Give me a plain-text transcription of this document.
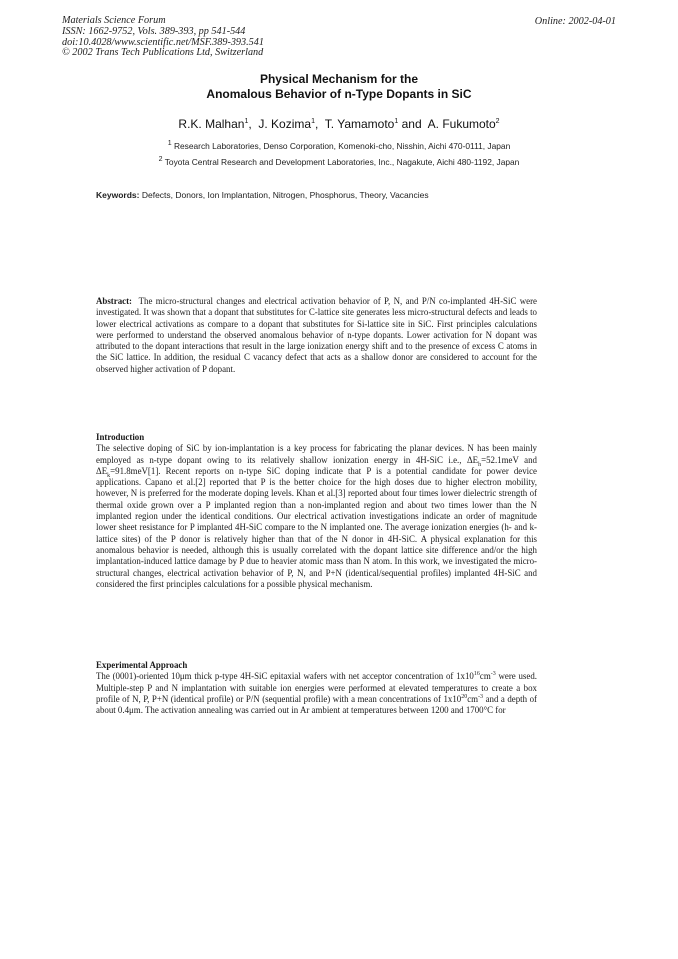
Materials Science Forum
ISSN: 1662-9752, Vols. 389-393, pp 541-544
doi:10.4028/www.scientific.net/MSF.389-393.541
© 2002 Trans Tech Publications Ltd, Switzerland
Online: 2002-04-01
Physical Mechanism for the
Anomalous Behavior of n-Type Dopants in SiC
R.K. Malhan$^1$,  J. Kozima$^1$,  T. Yamamoto$^1$ and  A. Fukumoto$^2$
$^1$ Research Laboratories, Denso Corporation, Komenoki-cho, Nisshin, Aichi 470-0111, Japan
$^2$ Toyota Central Research and Development Laboratories, Inc., Nagakute, Aichi 480-1192, Japan
Keywords: Defects, Donors, Ion Implantation, Nitrogen, Phosphorus, Theory, Vacancies

Abstract: The micro-structural changes and electrical activation behavior of P, N, and P/N co-implanted 4H-SiC were investigated. It was shown that a dopant that substitutes for C-lattice site generates less micro-structural defects and leads to lower electrical activations as compare to a dopant that substitutes for Si-lattice site in SiC. First principles calculations were performed to understand the observed anomalous behavior of n-type dopants. Lower activation for N dopant was attributed to the dopant interactions that result in the large ionization energy shift and to the presence of excess C atoms in the SiC lattice. In addition, the residual C vacancy defect that acts as a shallow donor are considered to account for the observed higher activation of P dopant.

Introduction

The selective doping of SiC by ion-implantation is a key process for fabricating the planar devices. N has been mainly employed as n-type dopant owing to its relatively shallow ionization energy in 4H-SiC i.e., $\Delta E_h=52.1meV$ and $\Delta E_k=91.8meV[1]$. Recent reports on n-type SiC doping indicate that P is a potential candidate for power device applications. Capano et al.[2] reported that P is the better choice for the high doses due to higher electron mobility, however, N is preferred for the moderate doping levels. Khan et al.[3] reported about four times lower dielectric strength of thermal oxide grown over a P implanted region than a non-implanted region and about two times lower than the N implanted region under the identical conditions. Our electrical activation investigations indicate an order of magnitude lower sheet resistance for P implanted 4H-SiC compare to the N implanted one. The average ionization energies (h- and k-lattice sites) of the P donor is relatively higher than that of the N donor in 4H-SiC. A physical explanation for this anomalous behavior is needed, although this is usually correlated with the dopant lattice site difference and/or the high implantation-induced lattice damage by P due to heavier atomic mass than N atom. In this work, we investigated the micro-structural changes, electrical activation behavior of P, N, and P+N (identical/sequential profiles) implanted 4H-SiC and considered the first principles calculations for a possible physical mechanism.

Experimental Approach

The (0001)-oriented 10μm thick p-type 4H-SiC epitaxial wafers with net acceptor concentration of $1x10^{16}cm^{-3}$ were used. Multiple-step P and N implantation with suitable ion energies were performed at elevated temperatures to create a box profile of N, P, P+N (identical profile) or P/N (sequential profile) with a mean concentrations of $1x10^{20}cm^{-3}$ and a depth of about 0.4μm. The activation annealing was carried out in Ar ambient at temperatures between 1200 and 1700°C for
